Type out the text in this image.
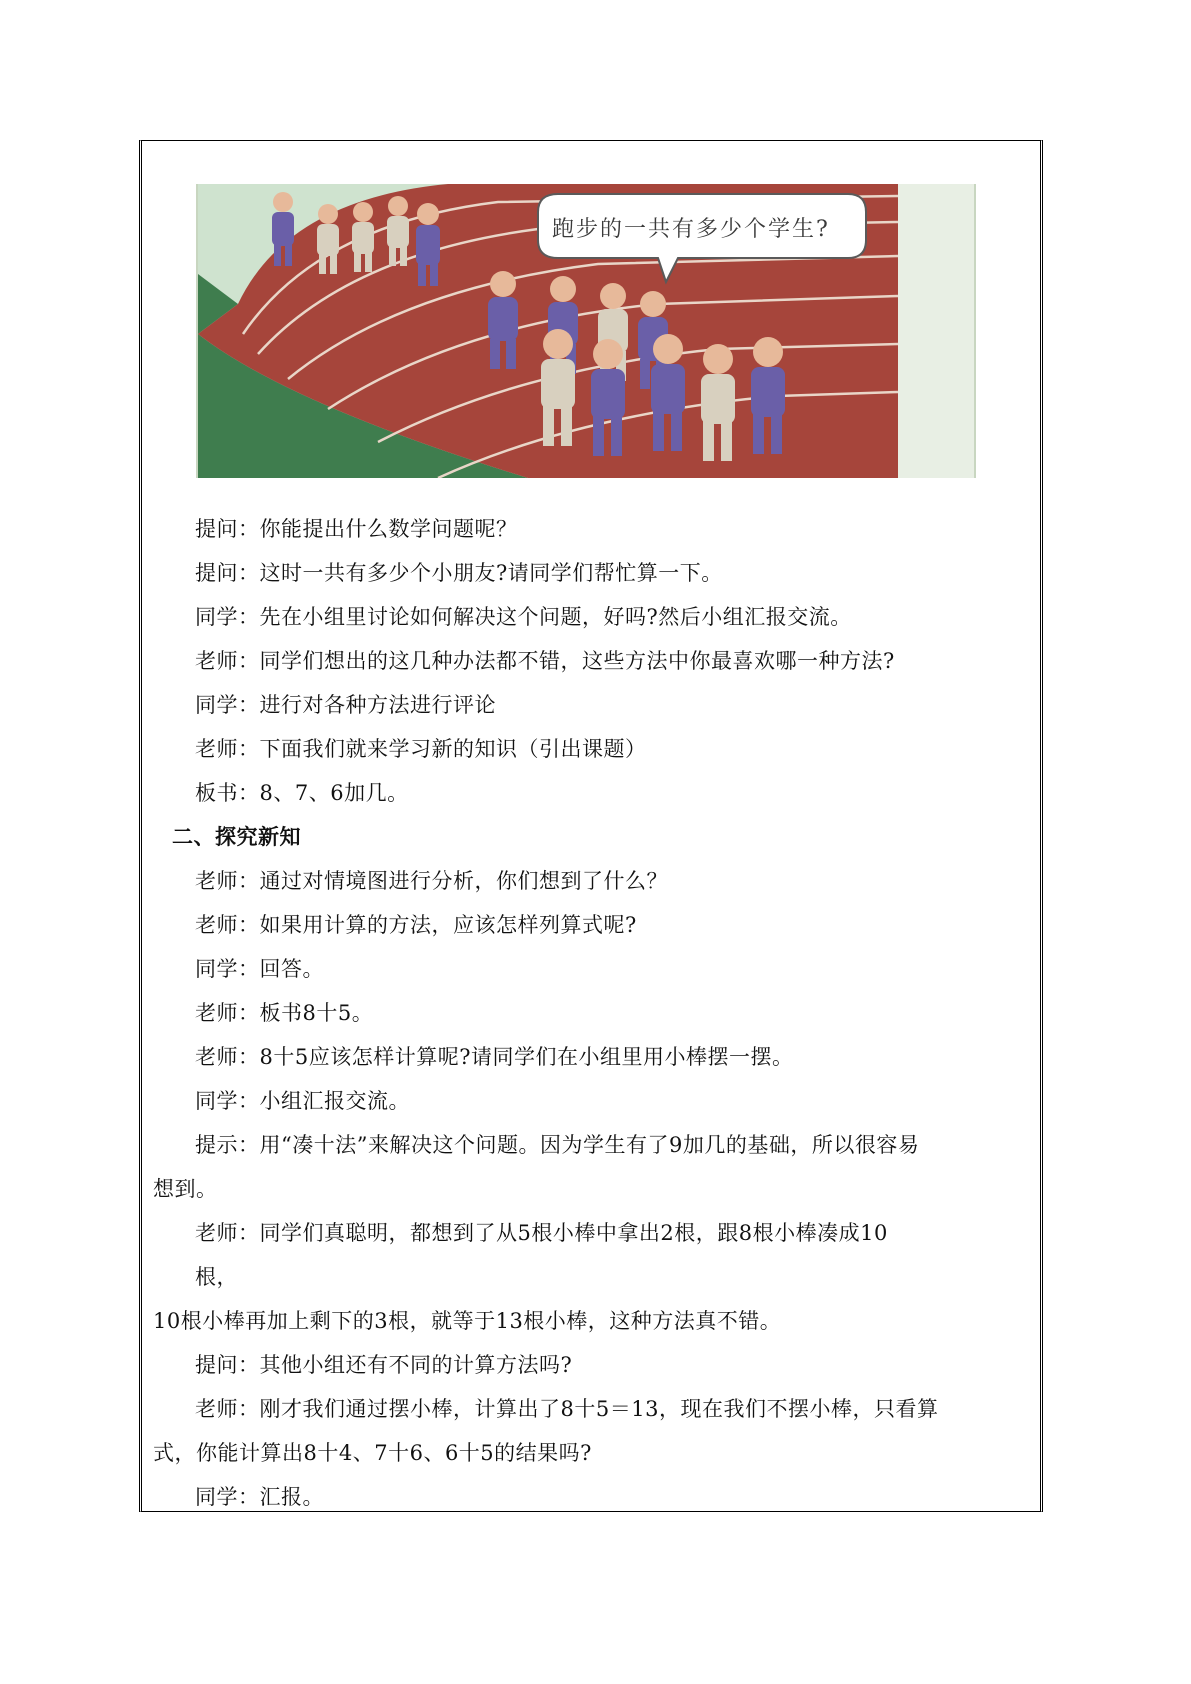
跑步的一共有多少个学生?
提问：你能提出什么数学问题呢？
提问：这时一共有多少个小朋友?请同学们帮忙算一下。
同学：先在小组里讨论如何解决这个问题，好吗?然后小组汇报交流。
老师：同学们想出的这几种办法都不错，这些方法中你最喜欢哪一种方法?
同学：进行对各种方法进行评论
老师：下面我们就来学习新的知识（引出课题）
板书：8、7、6加几。
二、探究新知
老师：通过对情境图进行分析，你们想到了什么？
老师：如果用计算的方法，应该怎样列算式呢?
同学：回答。
老师：板书8十5。
老师：8十5应该怎样计算呢?请同学们在小组里用小棒摆一摆。
同学：小组汇报交流。
提示：用“凑十法”来解决这个问题。因为学生有了9加几的基础，所以很容易
想到。
老师：同学们真聪明，都想到了从5根小棒中拿出2根，跟8根小棒凑成10
根，
10根小棒再加上剩下的3根，就等于13根小棒，这种方法真不错。
提问：其他小组还有不同的计算方法吗?
老师：刚才我们通过摆小棒，计算出了8十5＝13，现在我们不摆小棒，只看算
式，你能计算出8十4、7十6、6十5的结果吗?
同学：汇报。
